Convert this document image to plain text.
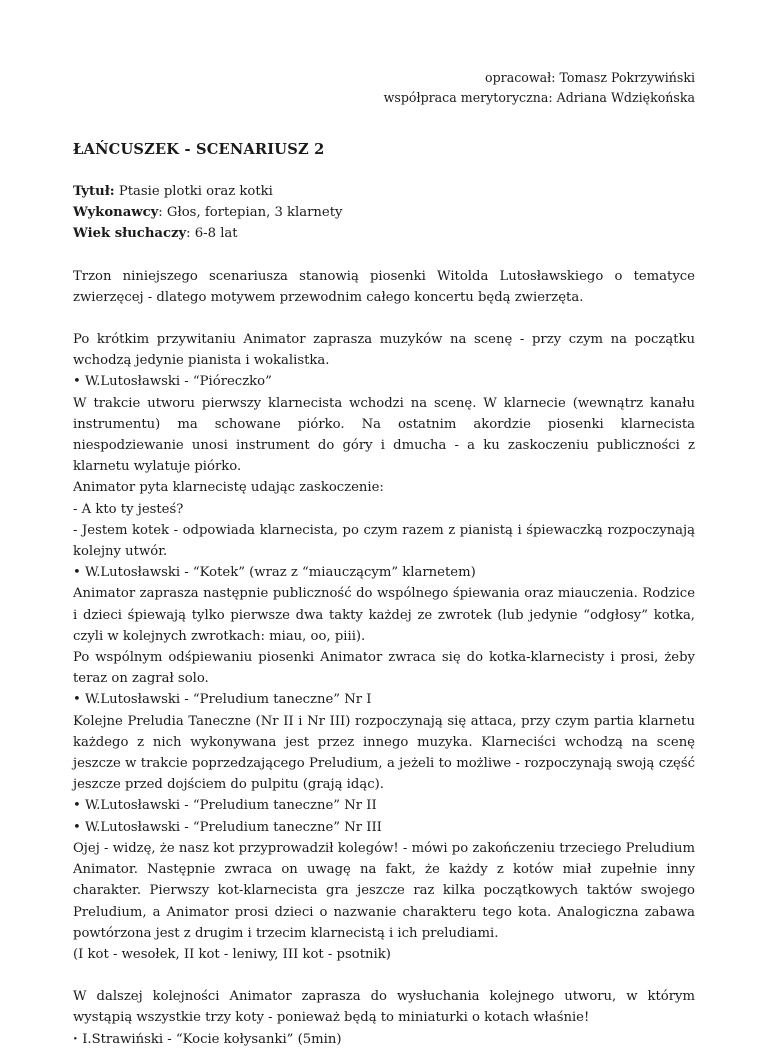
opracował: Tomasz Pokrzywiński
współpraca merytoryczna: Adriana Wdziękońska
ŁAŃCUSZEK - SCENARIUSZ 2
Tytuł: Ptasie plotki oraz kotki
Wykonawcy: Głos, fortepian, 3 klarnety
Wiek słuchaczy: 6-8 lat

Trzon niniejszego scenariusza stanowią piosenki Witolda Lutosławskiego o tematyce zwierzęcej - dlatego motywem przewodnim całego koncertu będą zwierzęta.

Po krótkim przywitaniu Animator zaprasza muzyków na scenę - przy czym na początku wchodzą jedynie pianista i wokalistka.

• W.Lutosławski - “Pióreczko”

W trakcie utworu pierwszy klarnecista wchodzi na scenę. W klarnecie (wewnątrz kanału instrumentu) ma schowane piórko. Na ostatnim akordzie piosenki klarnecista niespodziewanie unosi instrument do góry i dmucha - a ku zaskoczeniu publiczności z klarnetu wylatuje piórko.

Animator pyta klarnecistę udając zaskoczenie:

- A kto ty jesteś?

- Jestem kotek - odpowiada klarnecista, po czym razem z pianistą i śpiewaczką rozpoczynają kolejny utwór.

• W.Lutosławski - “Kotek” (wraz z “miauczącym” klarnetem)

Animator zaprasza następnie publiczność do wspólnego śpiewania oraz miauczenia. Rodzice i dzieci śpiewają tylko pierwsze dwa takty każdej ze zwrotek (lub jedynie “odgłosy” kotka, czyli w kolejnych zwrotkach: miau, oo, piii).

Po wspólnym odśpiewaniu piosenki Animator zwraca się do kotka-klarnecisty i prosi, żeby teraz on zagrał solo.

• W.Lutosławski - “Preludium taneczne” Nr I

Kolejne Preludia Taneczne (Nr II i Nr III) rozpoczynają się attaca, przy czym partia klarnetu każdego z nich wykonywana jest przez innego muzyka. Klarneciści wchodzą na scenę jeszcze w trakcie poprzedzającego Preludium, a jeżeli to możliwe - rozpoczynają swoją część jeszcze przed dojściem do pulpitu (grają idąc).

• W.Lutosławski - “Preludium taneczne” Nr II

• W.Lutosławski - “Preludium taneczne” Nr III

Ojej - widzę, że nasz kot przyprowadził kolegów! - mówi po zakończeniu trzeciego Preludium Animator. Następnie zwraca on uwagę na fakt, że każdy z kotów miał zupełnie inny charakter. Pierwszy kot-klarnecista gra jeszcze raz kilka początkowych taktów swojego Preludium, a Animator prosi dzieci o nazwanie charakteru tego kota. Analogiczna zabawa powtórzona jest z drugim i trzecim klarnecistą i ich preludiami.

(I kot - wesołek, II kot - leniwy, III kot - psotnik)

W dalszej kolejności Animator zaprasza do wysłuchania kolejnego utworu, w którym wystąpią wszystkie trzy koty - ponieważ będą to miniaturki o kotach właśnie!

· I.Strawiński - “Kocie kołysanki” (5min)
